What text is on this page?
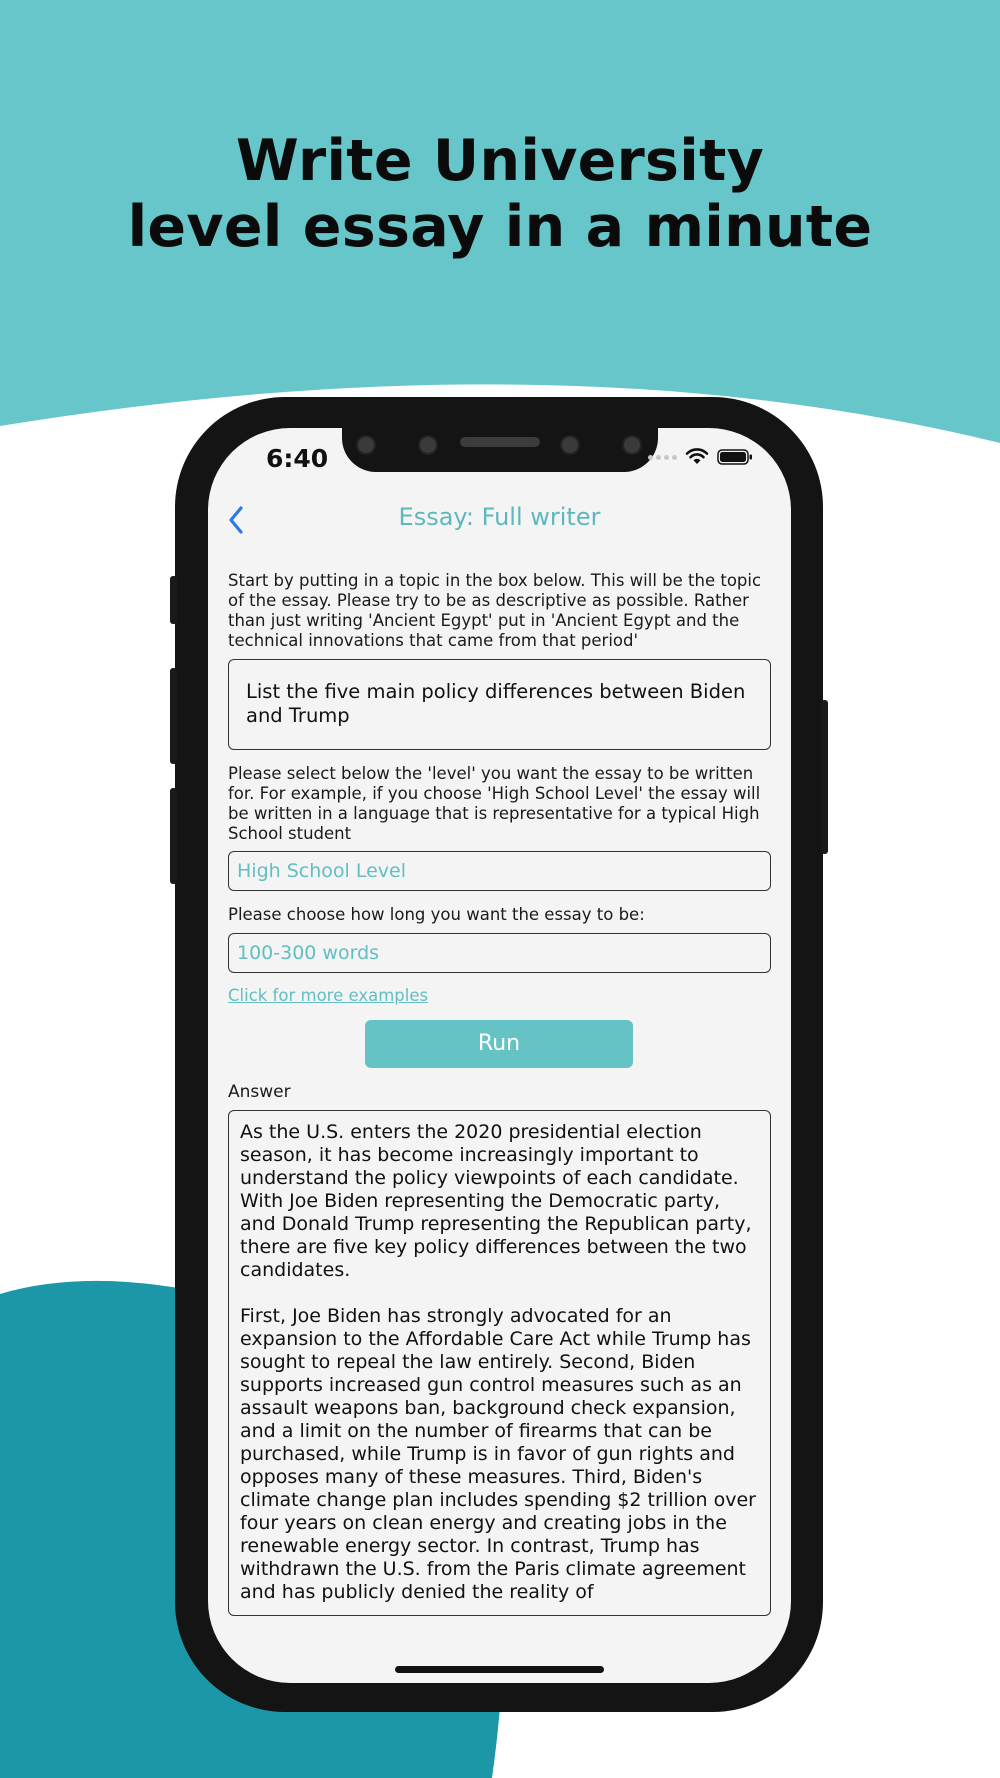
Write University
level essay in a minute
6:40
Essay: Full writer
Start by putting in a topic in the box below. This will be the topic of the essay. Please try to be as descriptive as possible. Rather than just writing 'Ancient Egypt' put in 'Ancient Egypt and the technical innovations that came from that period'
List the five main policy differences between Biden and Trump
Please select below the 'level' you want the essay to be written for. For example, if you choose 'High School Level' the essay will be written in a language that is representative for a typical High School student
High School Level
Please choose how long you want the essay to be:
100-300 words
Click for more examples
Run
Answer

As the U.S. enters the 2020 presidential election season, it has become increasingly important to understand the policy viewpoints of each candidate. With Joe Biden representing the Democratic party, and Donald Trump representing the Republican party, there are five key policy differences between the two candidates.

First, Joe Biden has strongly advocated for an expansion to the Affordable Care Act while Trump has sought to repeal the law entirely. Second, Biden supports increased gun control measures such as an assault weapons ban, background check expansion, and a limit on the number of firearms that can be purchased, while Trump is in favor of gun rights and opposes many of these measures. Third, Biden's climate change plan includes spending $2 trillion over four years on clean energy and creating jobs in the renewable energy sector. In contrast, Trump has withdrawn the U.S. from the Paris climate agreement and has publicly denied the reality of
